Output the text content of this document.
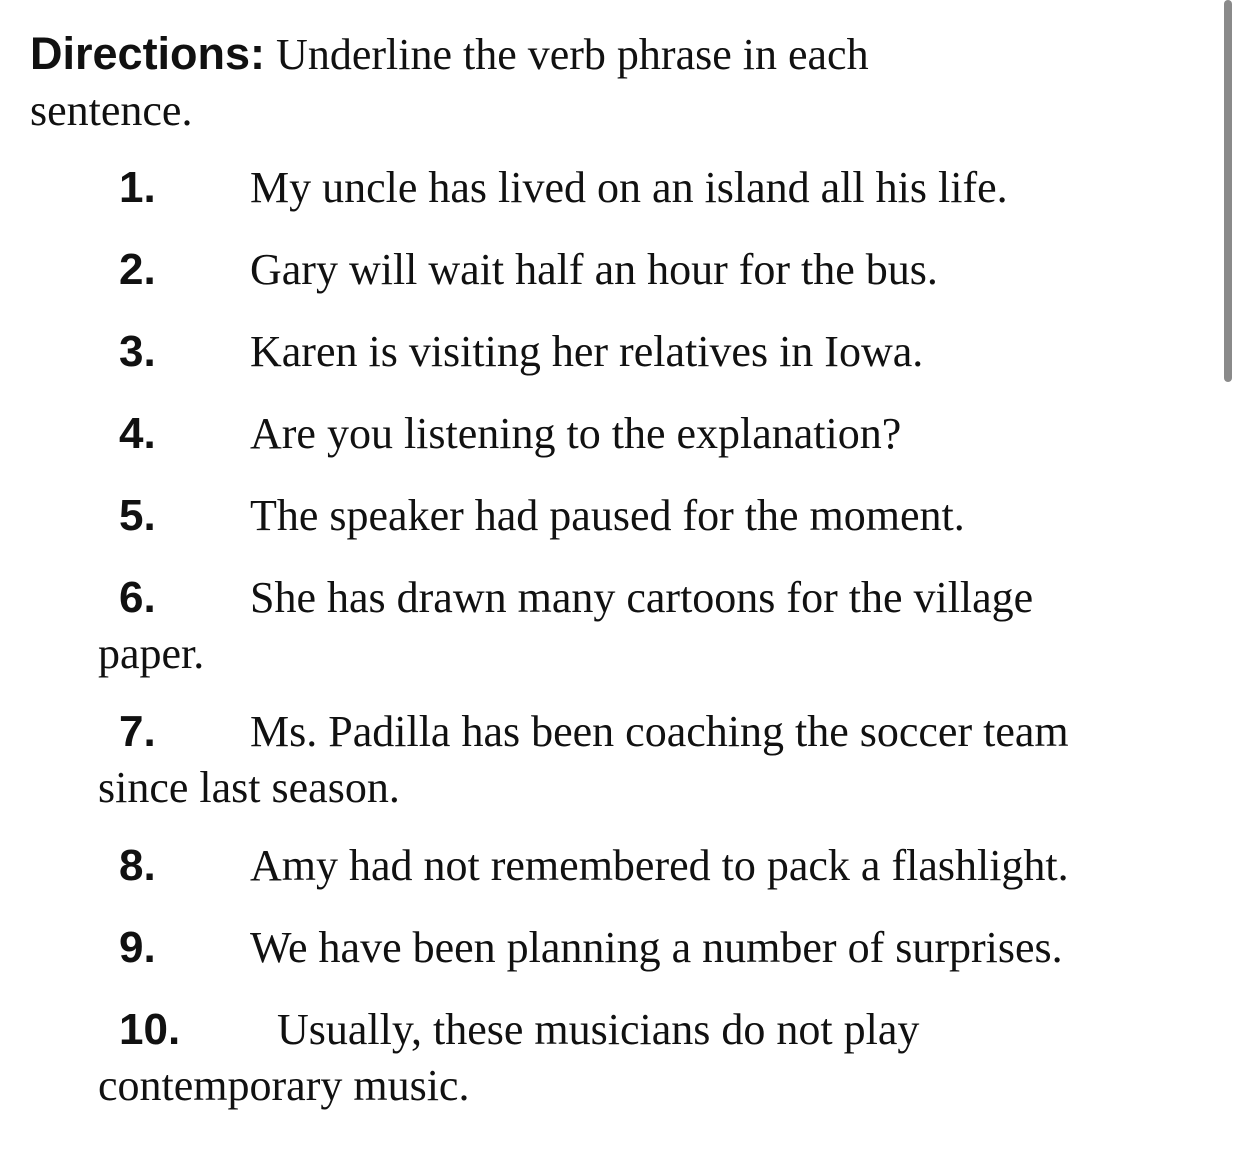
Directions: Underline the verb phrase in each
sentence.
1. My uncle has lived on an island all his life.
2. Gary will wait half an hour for the bus.
3. Karen is visiting her relatives in Iowa.
4. Are you listening to the explanation?
5. The speaker had paused for the moment.
6. She has drawn many cartoons for the village
paper.
7. Ms. Padilla has been coaching the soccer team
since last season.
8. Amy had not remembered to pack a flashlight.
9. We have been planning a number of surprises.
10. Usually, these musicians do not play
contemporary music.
